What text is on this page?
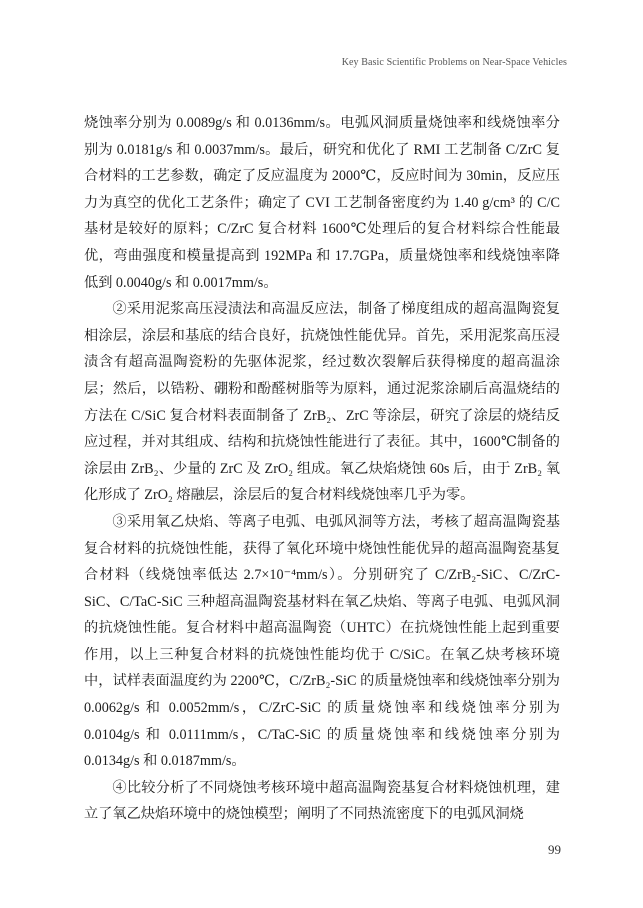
Key Basic Scientific Problems on Near-Space Vehicles

烧蚀率分别为 0.0089g/s 和 0.0136mm/s。电弧风洞质量烧蚀率和线烧蚀率分别为 0.0181g/s 和 0.0037mm/s。最后，研究和优化了 RMI 工艺制备 C/ZrC 复合材料的工艺参数，确定了反应温度为 2000℃，反应时间为 30min，反应压力为真空的优化工艺条件；确定了 CVI 工艺制备密度约为 1.40 g/cm³ 的 C/C 基材是较好的原料；C/ZrC 复合材料 1600℃处理后的复合材料综合性能最优，弯曲强度和模量提高到 192MPa 和 17.7GPa，质量烧蚀率和线烧蚀率降低到 0.0040g/s 和 0.0017mm/s。

②采用泥浆高压浸渍法和高温反应法，制备了梯度组成的超高温陶瓷复相涂层，涂层和基底的结合良好，抗烧蚀性能优异。首先，采用泥浆高压浸渍含有超高温陶瓷粉的先驱体泥浆，经过数次裂解后获得梯度的超高温涂层；然后，以锆粉、硼粉和酚醛树脂等为原料，通过泥浆涂刷后高温烧结的方法在 C/SiC 复合材料表面制备了 ZrB₂、ZrC 等涂层，研究了涂层的烧结反应过程，并对其组成、结构和抗烧蚀性能进行了表征。其中，1600℃制备的涂层由 ZrB₂、少量的 ZrC 及 ZrO₂ 组成。氧乙炔焰烧蚀 60s 后，由于 ZrB₂ 氧化形成了 ZrO₂ 熔融层，涂层后的复合材料线烧蚀率几乎为零。

③采用氧乙炔焰、等离子电弧、电弧风洞等方法，考核了超高温陶瓷基复合材料的抗烧蚀性能，获得了氧化环境中烧蚀性能优异的超高温陶瓷基复合材料（线烧蚀率低达 2.7×10⁻⁴mm/s）。分别研究了 C/ZrB₂-SiC、C/ZrC-SiC、C/TaC-SiC 三种超高温陶瓷基材料在氧乙炔焰、等离子电弧、电弧风洞的抗烧蚀性能。复合材料中超高温陶瓷（UHTC）在抗烧蚀性能上起到重要作用，以上三种复合材料的抗烧蚀性能均优于 C/SiC。在氧乙炔考核环境中，试样表面温度约为 2200℃，C/ZrB₂-SiC 的质量烧蚀率和线烧蚀率分别为 0.0062g/s 和 0.0052mm/s，C/ZrC-SiC 的质量烧蚀率和线烧蚀率分别为 0.0104g/s 和 0.0111mm/s，C/TaC-SiC 的质量烧蚀率和线烧蚀率分别为 0.0134g/s 和 0.0187mm/s。

④比较分析了不同烧蚀考核环境中超高温陶瓷基复合材料烧蚀机理，建立了氧乙炔焰环境中的烧蚀模型；阐明了不同热流密度下的电弧风洞烧

99
